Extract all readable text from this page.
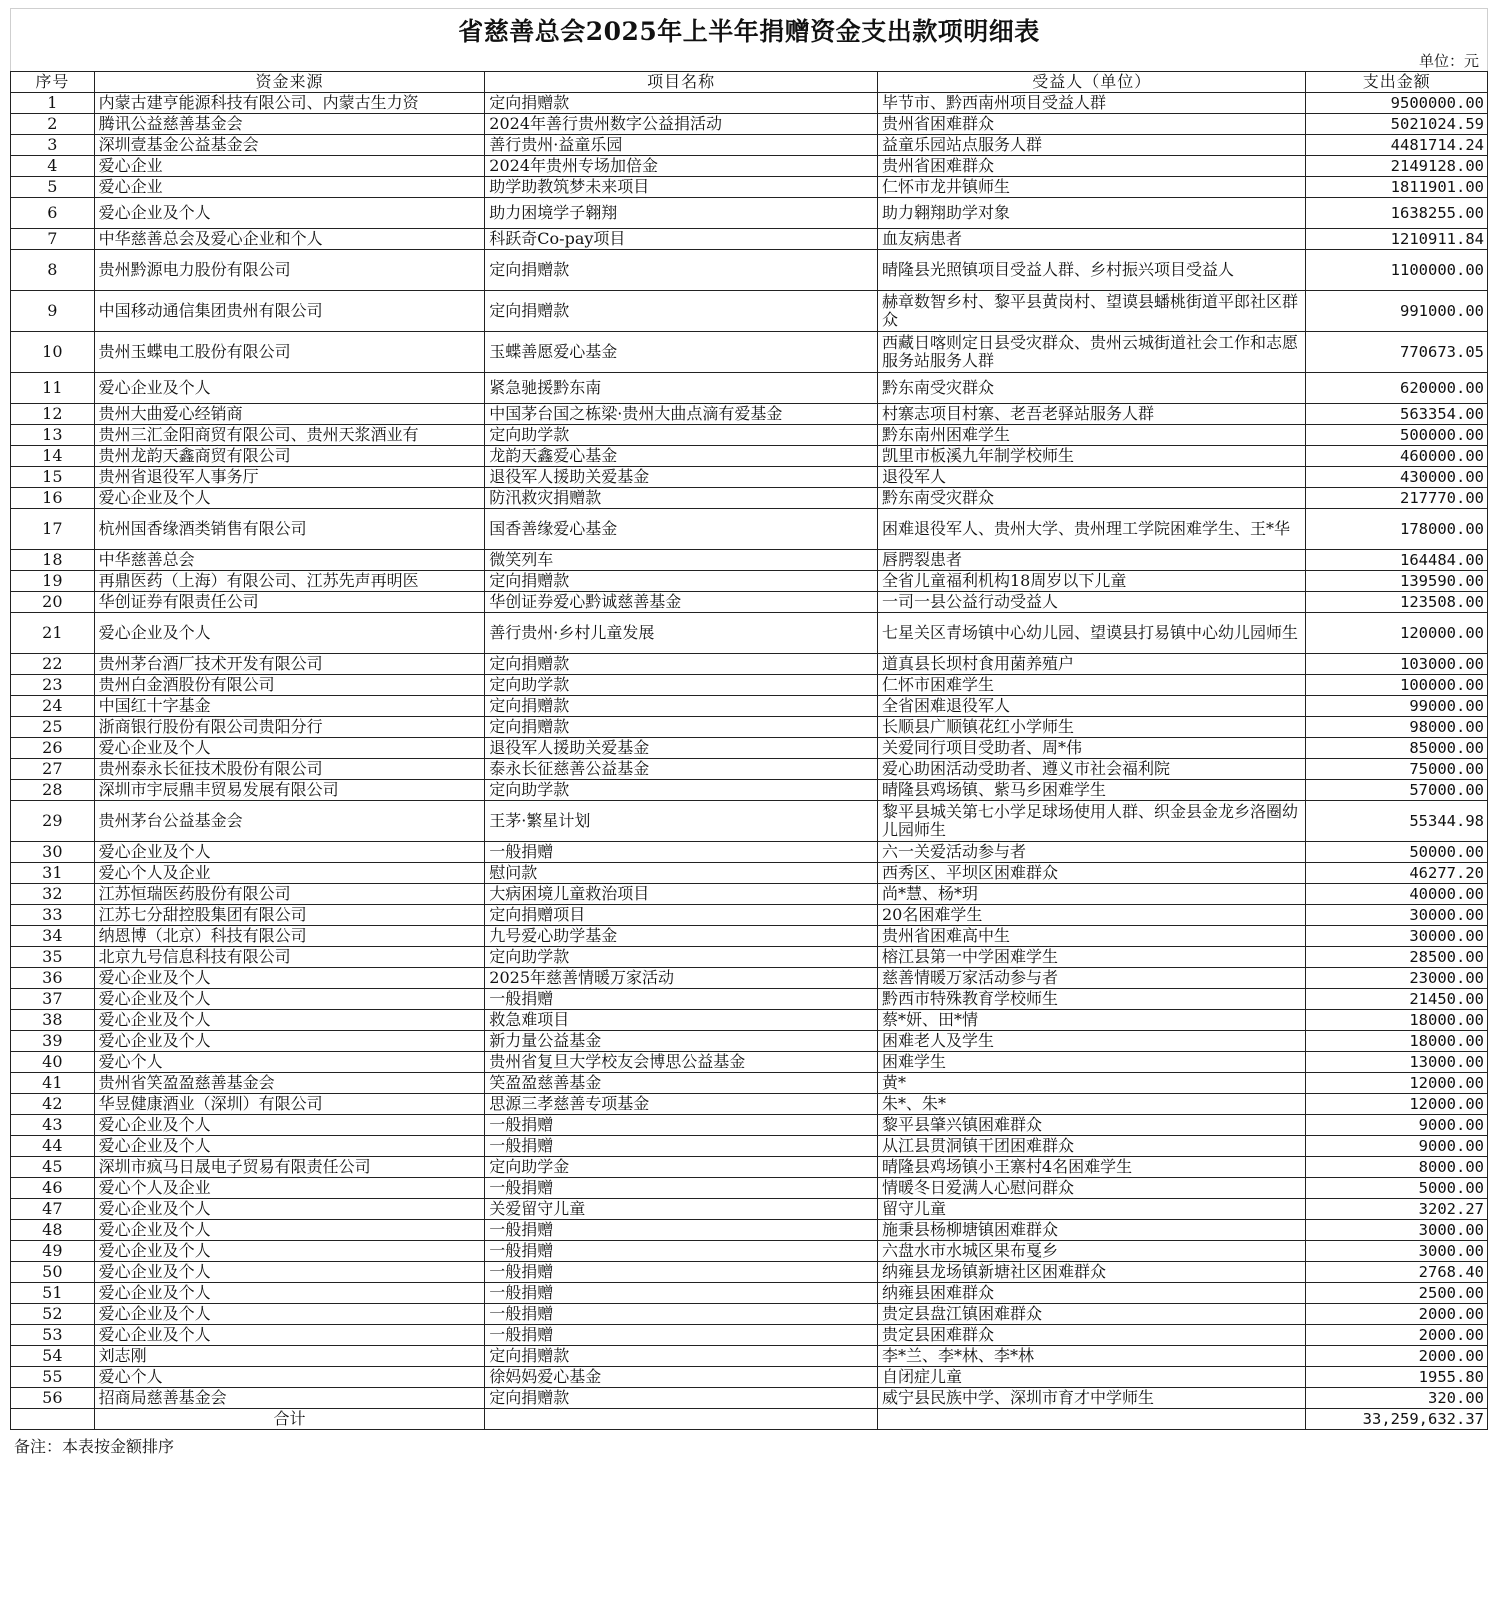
省慈善总会2025年上半年捐赠资金支出款项明细表
单位：元
序号	资金来源	项目名称	受益人（单位）	支出金额
1	内蒙古建亨能源科技有限公司、内蒙古生力资	定向捐赠款	毕节市、黔西南州项目受益人群	9500000.00
2	腾讯公益慈善基金会	2024年善行贵州数字公益捐活动	贵州省困难群众	5021024.59
3	深圳壹基金公益基金会	善行贵州·益童乐园	益童乐园站点服务人群	4481714.24
4	爱心企业	2024年贵州专场加倍金	贵州省困难群众	2149128.00
5	爱心企业	助学助教筑梦未来项目	仁怀市龙井镇师生	1811901.00
6	爱心企业及个人	助力困境学子翱翔	助力翱翔助学对象	1638255.00
7	中华慈善总会及爱心企业和个人	科跃奇Co-pay项目	血友病患者	1210911.84
8	贵州黔源电力股份有限公司	定向捐赠款	晴隆县光照镇项目受益人群、乡村振兴项目受益人	1100000.00
9	中国移动通信集团贵州有限公司	定向捐赠款	赫章数智乡村、黎平县黄岗村、望谟县蟠桃街道平郎社区群众	991000.00
10	贵州玉蝶电工股份有限公司	玉蝶善愿爱心基金	西藏日喀则定日县受灾群众、贵州云城街道社会工作和志愿服务站服务人群	770673.05
11	爱心企业及个人	紧急驰援黔东南	黔东南受灾群众	620000.00
12	贵州大曲爱心经销商	中国茅台国之栋梁·贵州大曲点滴有爱基金	村寨志项目村寨、老吾老驿站服务人群	563354.00
13	贵州三汇金阳商贸有限公司、贵州天浆酒业有	定向助学款	黔东南州困难学生	500000.00
14	贵州龙韵天鑫商贸有限公司	龙韵天鑫爱心基金	凯里市板溪九年制学校师生	460000.00
15	贵州省退役军人事务厅	退役军人援助关爱基金	退役军人	430000.00
16	爱心企业及个人	防汛救灾捐赠款	黔东南受灾群众	217770.00
17	杭州国香缘酒类销售有限公司	国香善缘爱心基金	困难退役军人、贵州大学、贵州理工学院困难学生、王*华	178000.00
18	中华慈善总会	微笑列车	唇腭裂患者	164484.00
19	再鼎医药（上海）有限公司、江苏先声再明医	定向捐赠款	全省儿童福利机构18周岁以下儿童	139590.00
20	华创证券有限责任公司	华创证券爱心黔诚慈善基金	一司一县公益行动受益人	123508.00
21	爱心企业及个人	善行贵州·乡村儿童发展	七星关区青场镇中心幼儿园、望谟县打易镇中心幼儿园师生	120000.00
22	贵州茅台酒厂技术开发有限公司	定向捐赠款	道真县长坝村食用菌养殖户	103000.00
23	贵州白金酒股份有限公司	定向助学款	仁怀市困难学生	100000.00
24	中国红十字基金	定向捐赠款	全省困难退役军人	99000.00
25	浙商银行股份有限公司贵阳分行	定向捐赠款	长顺县广顺镇花红小学师生	98000.00
26	爱心企业及个人	退役军人援助关爱基金	关爱同行项目受助者、周*伟	85000.00
27	贵州泰永长征技术股份有限公司	泰永长征慈善公益基金	爱心助困活动受助者、遵义市社会福利院	75000.00
28	深圳市宇辰鼎丰贸易发展有限公司	定向助学款	晴隆县鸡场镇、紫马乡困难学生	57000.00
29	贵州茅台公益基金会	王茅·繁星计划	黎平县城关第七小学足球场使用人群、织金县金龙乡洛圈幼儿园师生	55344.98
30	爱心企业及个人	一般捐赠	六一关爱活动参与者	50000.00
31	爱心个人及企业	慰问款	西秀区、平坝区困难群众	46277.20
32	江苏恒瑞医药股份有限公司	大病困境儿童救治项目	尚*慧、杨*玥	40000.00
33	江苏七分甜控股集团有限公司	定向捐赠项目	20名困难学生	30000.00
34	纳恩博（北京）科技有限公司	九号爱心助学基金	贵州省困难高中生	30000.00
35	北京九号信息科技有限公司	定向助学款	榕江县第一中学困难学生	28500.00
36	爱心企业及个人	2025年慈善情暖万家活动	慈善情暖万家活动参与者	23000.00
37	爱心企业及个人	一般捐赠	黔西市特殊教育学校师生	21450.00
38	爱心企业及个人	救急难项目	蔡*妍、田*情	18000.00
39	爱心企业及个人	新力量公益基金	困难老人及学生	18000.00
40	爱心个人	贵州省复旦大学校友会博思公益基金	困难学生	13000.00
41	贵州省笑盈盈慈善基金会	笑盈盈慈善基金	黄*	12000.00
42	华昱健康酒业（深圳）有限公司	思源三孝慈善专项基金	朱*、朱*	12000.00
43	爱心企业及个人	一般捐赠	黎平县肇兴镇困难群众	9000.00
44	爱心企业及个人	一般捐赠	从江县贯洞镇干团困难群众	9000.00
45	深圳市疯马日晟电子贸易有限责任公司	定向助学金	晴隆县鸡场镇小王寨村4名困难学生	8000.00
46	爱心个人及企业	一般捐赠	情暖冬日爱满人心慰问群众	5000.00
47	爱心企业及个人	关爱留守儿童	留守儿童	3202.27
48	爱心企业及个人	一般捐赠	施秉县杨柳塘镇困难群众	3000.00
49	爱心企业及个人	一般捐赠	六盘水市水城区果布戛乡	3000.00
50	爱心企业及个人	一般捐赠	纳雍县龙场镇新塘社区困难群众	2768.40
51	爱心企业及个人	一般捐赠	纳雍县困难群众	2500.00
52	爱心企业及个人	一般捐赠	贵定县盘江镇困难群众	2000.00
53	爱心企业及个人	一般捐赠	贵定县困难群众	2000.00
54	刘志刚	定向捐赠款	李*兰、李*林、李*林	2000.00
55	爱心个人	徐妈妈爱心基金	自闭症儿童	1955.80
56	招商局慈善基金会	定向捐赠款	威宁县民族中学、深圳市育才中学师生	320.00
	合计			33,259,632.37
备注：本表按金额排序
